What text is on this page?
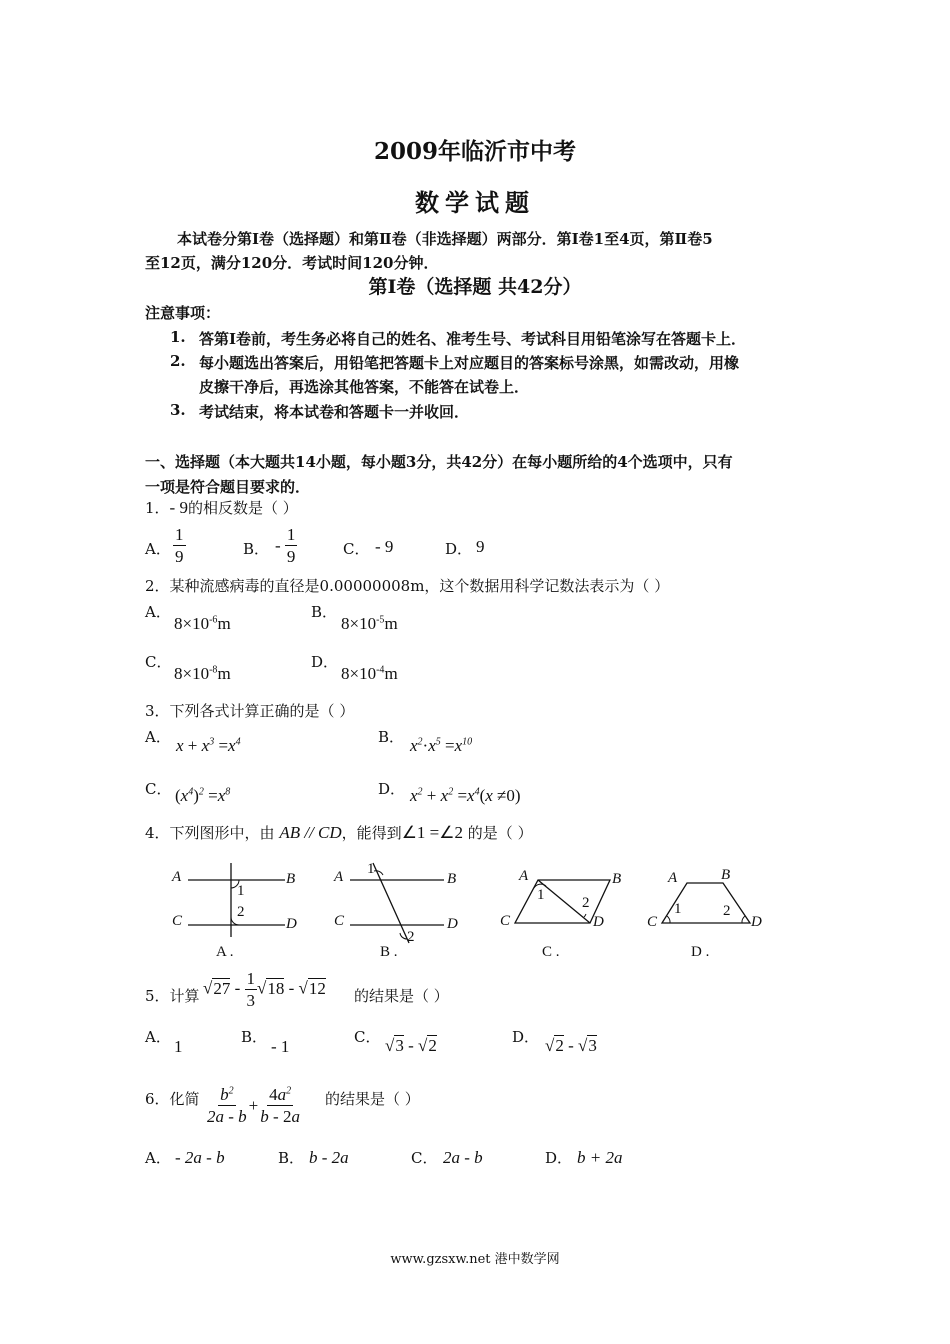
2009年临沂市中考
数学试题
本试卷分第Ⅰ卷（选择题）和第Ⅱ卷（非选择题）两部分．第Ⅰ卷1至4页，第Ⅱ卷5
至12页，满分120分．考试时间120分钟．
第Ⅰ卷（选择题 共42分）
注意事项：
1. 答第Ⅰ卷前，考生务必将自己的姓名、准考生号、考试科目用铅笔涂写在答题卡上．
2. 每小题选出答案后，用铅笔把答题卡上对应题目的答案标号涂黑，如需改动，用橡
皮擦干净后，再选涂其他答案，不能答在试卷上．
3. 考试结束，将本试卷和答题卡一并收回．
一、选择题（本大题共14小题，每小题3分，共42分）在每小题所给的4个选项中，只有
一项是符合题目要求的．
1．- 9的相反数是（ ）
A． $\frac{1}{9}$	B． - $\frac{1}{9}$	C． - 9	D． 9
2．某种流感病毒的直径是0.00000008m，这个数据用科学记数法表示为（ ）
A．
$8\times 10^{-6}m$
B．
$8\times 10^{-5}m$
C．
$8\times 10^{-8}m$
D．
$8\times 10^{-4}m$
3．下列各式计算正确的是（ ）
A． $x + x^3 =x^4$	B． $x^2\cdot x^5 =x^{10}$
C． $(x^4)^2 =x^8$	D． $x^2 + x^2 =x^4(x \ne 0)$
4．下列图形中，由 AB // CD，能得到∠1 =∠2 的是（ ）
A	B
C	D
1
2
A .
A	B
C	D
1
2
B .
A	B
C	D
1	2
C .
A	B
C	D
1	2
D .
5．计算 $√27 - \frac{1}{3} √18 - √12$ 的结果是（ ）
A． 1	B． - 1	C． √3 - √2	D． √2 - √3
6．化简 $\frac{b^2}{2a - b} + \frac{4a^2}{b - 2a}$ 的结果是（ ）
A． - 2a - b	B． b - 2a	C． 2a - b	D． b + 2a
www.gzsxw.net 港中数学网
